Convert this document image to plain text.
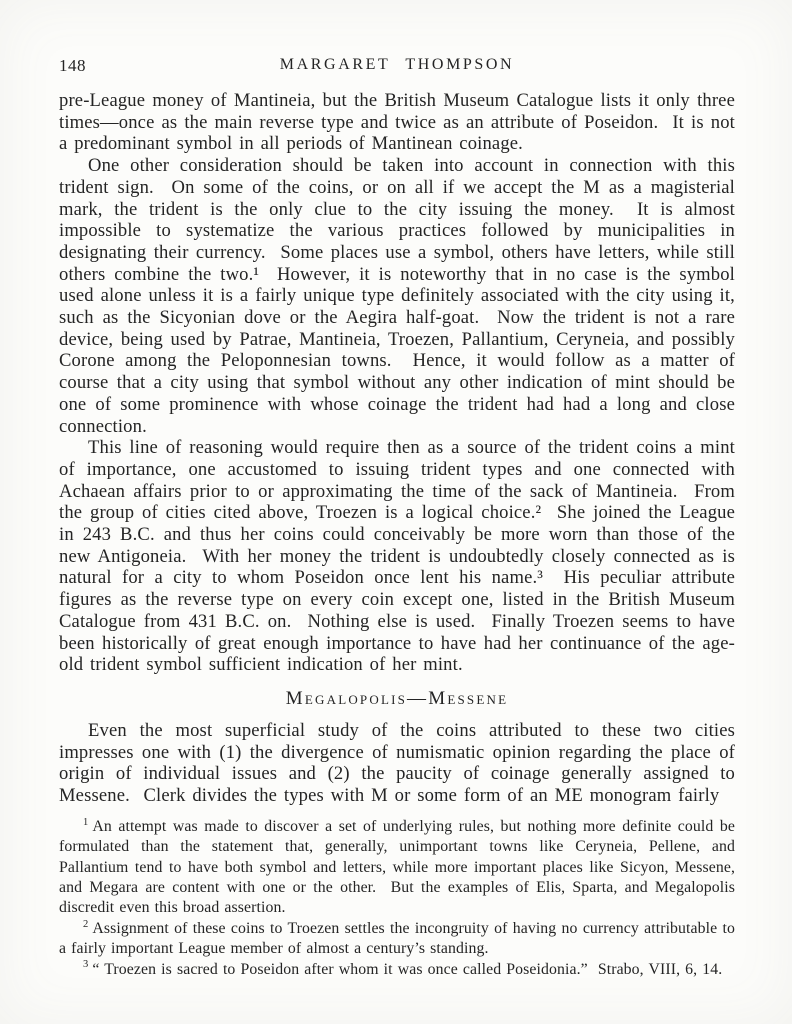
148	MARGARET THOMPSON

pre-League money of Mantineia, but the British Museum Catalogue lists it only three times—once as the main reverse type and twice as an attribute of Poseidon.  It is not a predominant symbol in all periods of Mantinean coinage.

One other consideration should be taken into account in connection with this trident sign.  On some of the coins, or on all if we accept the M as a magisterial mark, the trident is the only clue to the city issuing the money.  It is almost impossible to systematize the various practices followed by municipalities in designating their currency.  Some places use a symbol, others have letters, while still others combine the two.¹  However, it is noteworthy that in no case is the symbol used alone unless it is a fairly unique type definitely associated with the city using it, such as the Sicyonian dove or the Aegira half-goat.  Now the trident is not a rare device, being used by Patrae, Mantineia, Troezen, Pallantium, Ceryneia, and possibly Corone among the Peloponnesian towns.  Hence, it would follow as a matter of course that a city using that symbol without any other indication of mint should be one of some prominence with whose coinage the trident had had a long and close connection.

This line of reasoning would require then as a source of the trident coins a mint of importance, one accustomed to issuing trident types and one connected with Achaean affairs prior to or approximating the time of the sack of Mantineia.  From the group of cities cited above, Troezen is a logical choice.²  She joined the League in 243 B.C. and thus her coins could conceivably be more worn than those of the new Antigoneia.  With her money the trident is undoubtedly closely connected as is natural for a city to whom Poseidon once lent his name.³  His peculiar attribute figures as the reverse type on every coin except one, listed in the British Museum Catalogue from 431 B.C. on.  Nothing else is used.  Finally Troezen seems to have been historically of great enough importance to have had her continuance of the age-old trident symbol sufficient indication of her mint.

Megalopolis—Messene

Even the most superficial study of the coins attributed to these two cities impresses one with (1) the divergence of numismatic opinion regarding the place of origin of individual issues and (2) the paucity of coinage generally assigned to Messene.  Clerk divides the types with M or some form of an ME monogram fairly

$^1$ An attempt was made to discover a set of underlying rules, but nothing more definite could be formulated than the statement that, generally, unimportant towns like Ceryneia, Pellene, and Pallantium tend to have both symbol and letters, while more important places like Sicyon, Messene, and Megara are content with one or the other.  But the examples of Elis, Sparta, and Megalopolis discredit even this broad assertion.

$^2$ Assignment of these coins to Troezen settles the incongruity of having no currency attributable to a fairly important League member of almost a century’s standing.

$^3$ “ Troezen is sacred to Poseidon after whom it was once called Poseidonia.”  Strabo, VIII, 6, 14.
